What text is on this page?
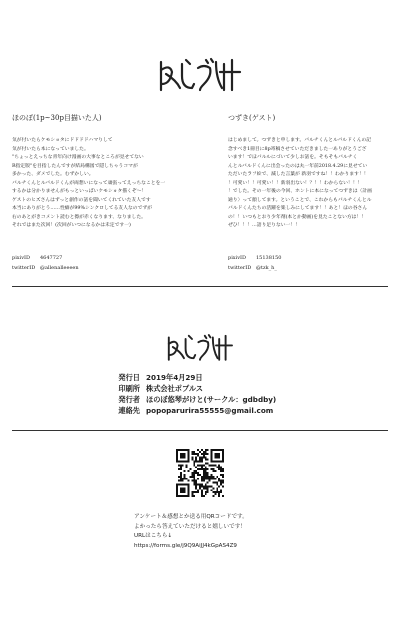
ほのぼ(1p~30p目描いた人)

気が付いたらケモショタにドドドドハマりして
気が付いたら本になっていました。
"ちょっとえっちな青年向け漫画の大事なところが見せてない
R指定版"を目指したんですが結局構図で隠しちゃうコマが
多かった、ダメでした。むずかしい。
バルチくんとルバルドくんが両想いになって頑張ってえっちなことを一
するかは分かりませんがもっといっぱいケモショタ描くぞ〜！
ゲストのヒズさんはずっと創作の話を聞いてくれていた友人です
本当にありがとう……性癖が99%シンクロしてる友人なのでずが
右のあとがきコメント読むと擦が赤くなります、なりました。
それではまた次回！(次回がいつになるかは未定です一)

つずき(ゲスト)

はじめまして。つずきと申します。バルチくんとルバルドくんの記
念すべき1冊目に8p寄稿させていただきました一ありがとうござ
います！でほバルルにづいて少しお話を。そもそもバルチく
んとルバルドくんに出会ったのは丸一年前2018.4.29に見せてい
ただいたラフ絵で、滅した言葉が 新羽ですね！！わかります！！
！可愛い！！可愛い！！新羽出ない！？！！わからない！！！
！でした。その一年後の今回、ホントに本になってつずきは〈計画
通り〉って顔してます。ということで、これからもバルチくんとル
バルドくんたちの活躍を楽しみにしてます！！あと！ほの谷さん
の！！いつもとおり少年剤(本とか動画)を見たことない方は！！
ぜひ！！！…語り足りない一！！
pixivID 4647727
twitterID @allenalleeeen
pixivID 15138150
twitterID @tzk_h_
発行日 2019年4月29日
印刷所 株式会社ポプルス
発行者 ほのぼ悠琴がけと(サークル：gdbdby)
連絡先 popoparurira55555@gmail.com
アンケート＆感想とか送る用QRコードです。
よかったら答えていただけると嬉しいです！
URLはこちら↓
https://forms.gle/j9Q9AiJJ4kGpAS4Z9
